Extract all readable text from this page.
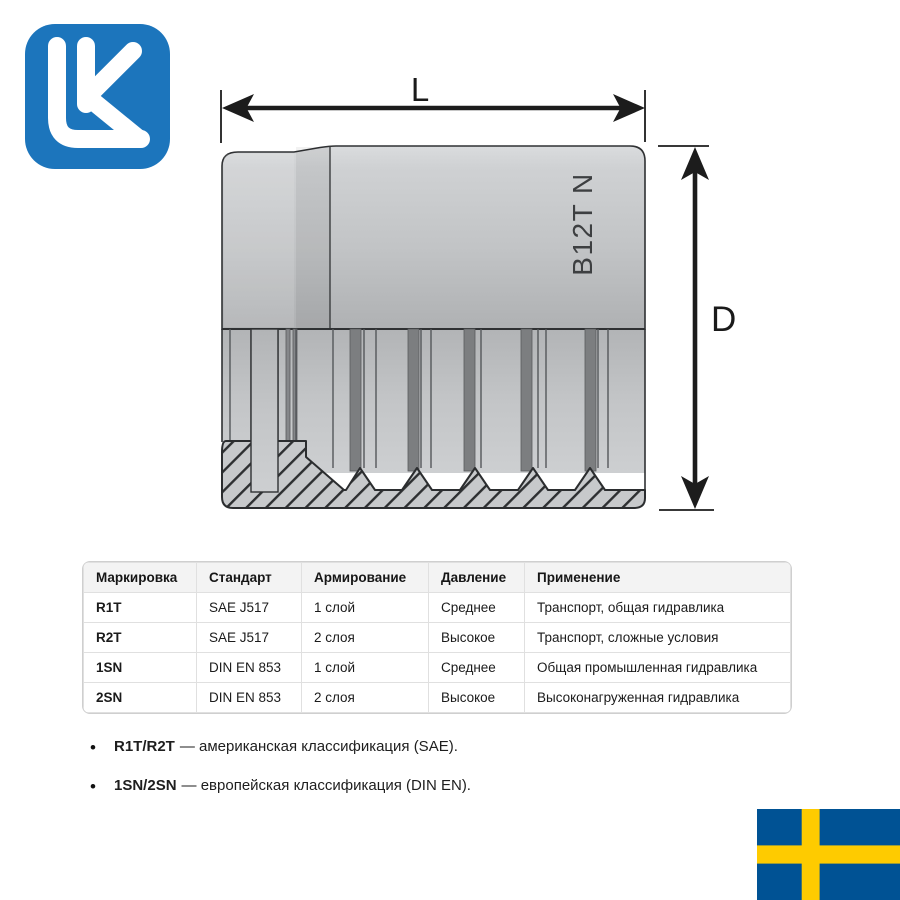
B12T N
L
D
Маркировка	Стандарт	Армирование	Давление	Применение
R1T	SAE J517	1 слой	Среднее	Транспорт, общая гидравлика
R2T	SAE J517	2 слоя	Высокое	Транспорт, сложные условия
1SN	DIN EN 853	1 слой	Среднее	Общая промышленная гидравлика
2SN	DIN EN 853	2 слоя	Высокое	Высоконагруженная гидравлика
• R1T/R2T — американская классификация (SAE).
• 1SN/2SN — европейская классификация (DIN EN).
